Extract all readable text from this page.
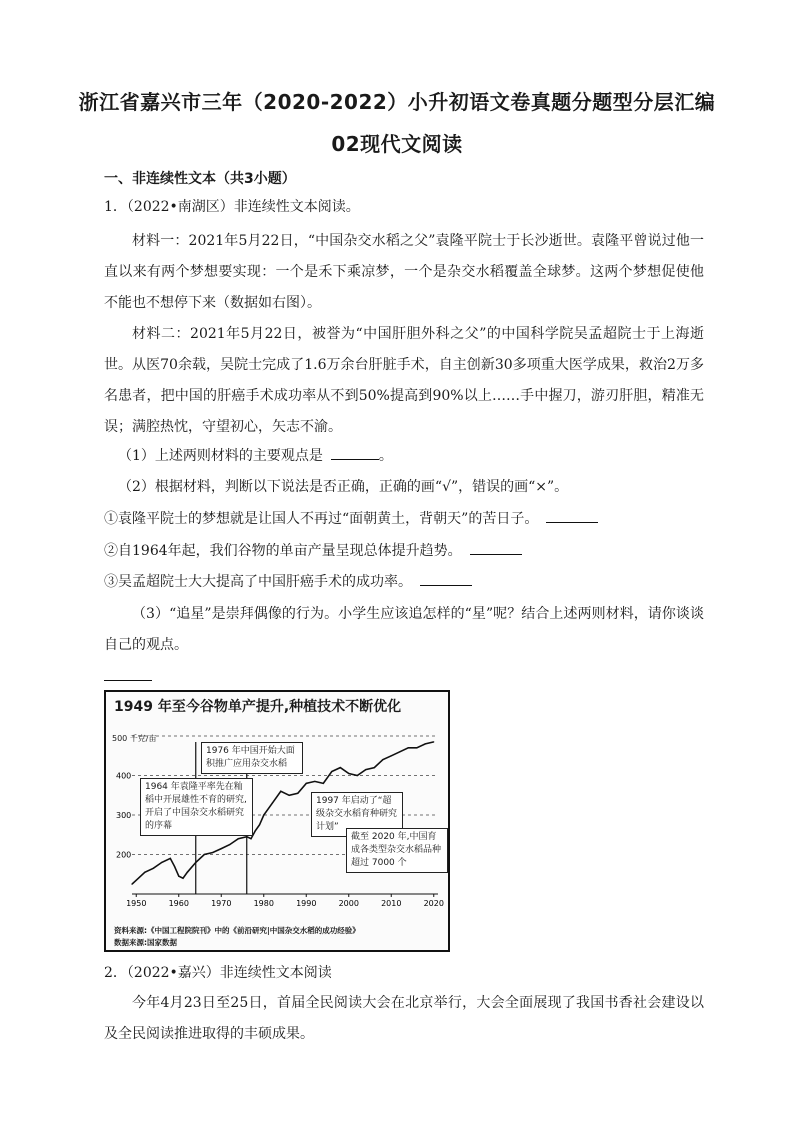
浙江省嘉兴市三年（2020-2022）小升初语文卷真题分题型分层汇编
02现代文阅读
一、非连续性文本（共3小题）
1．（2022•南湖区）非连续性文本阅读。
材料一：2021年5月22日，“中国杂交水稻之父”袁隆平院士于长沙逝世。袁隆平曾说过他一直以来有两个梦想要实现：一个是禾下乘凉梦，一个是杂交水稻覆盖全球梦。这两个梦想促使他不能也不想停下来（数据如右图）。
材料二：2021年5月22日，被誉为“中国肝胆外科之父”的中国科学院吴孟超院士于上海逝世。从医70余载，吴院士完成了1.6万余台肝脏手术，自主创新30多项重大医学成果，救治2万多名患者，把中国的肝癌手术成功率从不到50%提高到90%以上……手中握刀，游刃肝胆，精准无误；满腔热忱，守望初心，矢志不渝。
（1）上述两则材料的主要观点是	。
（2）根据材料，判断以下说法是否正确，正确的画“√”，错误的画“×”。
①袁隆平院士的梦想就是让国人不再过“面朝黄土，背朝天”的苦日子。
②自1964年起，我们谷物的单亩产量呈现总体提升趋势。
③吴孟超院士大大提高了中国肝癌手术的成功率。
（3）“追星”是崇拜偶像的行为。小学生应该追怎样的“星”呢？结合上述两则材料，请你谈谈自己的观点。
1949 年至今谷物单产提升,种植技术不断优化
500 千克/亩
400
300
200
1950	1960	1970	1980	1990	2000	2010	2020
1976 年中国开始大面积推广应用杂交水稻
1964 年袁隆平率先在籼稻中开展雄性不育的研究,开启了中国杂交水稻研究的序幕
1997 年启动了“超级杂交水稻育种研究计划”
截至 2020 年,中国育成各类型杂交水稻品种超过 7000 个
资料来源:《中国工程院院刊》中的《前沿研究|中国杂交水稻的成功经验》
数据来源:国家数据
2．（2022•嘉兴）非连续性文本阅读
今年4月23日至25日，首届全民阅读大会在北京举行，大会全面展现了我国书香社会建设以及全民阅读推进取得的丰硕成果。
